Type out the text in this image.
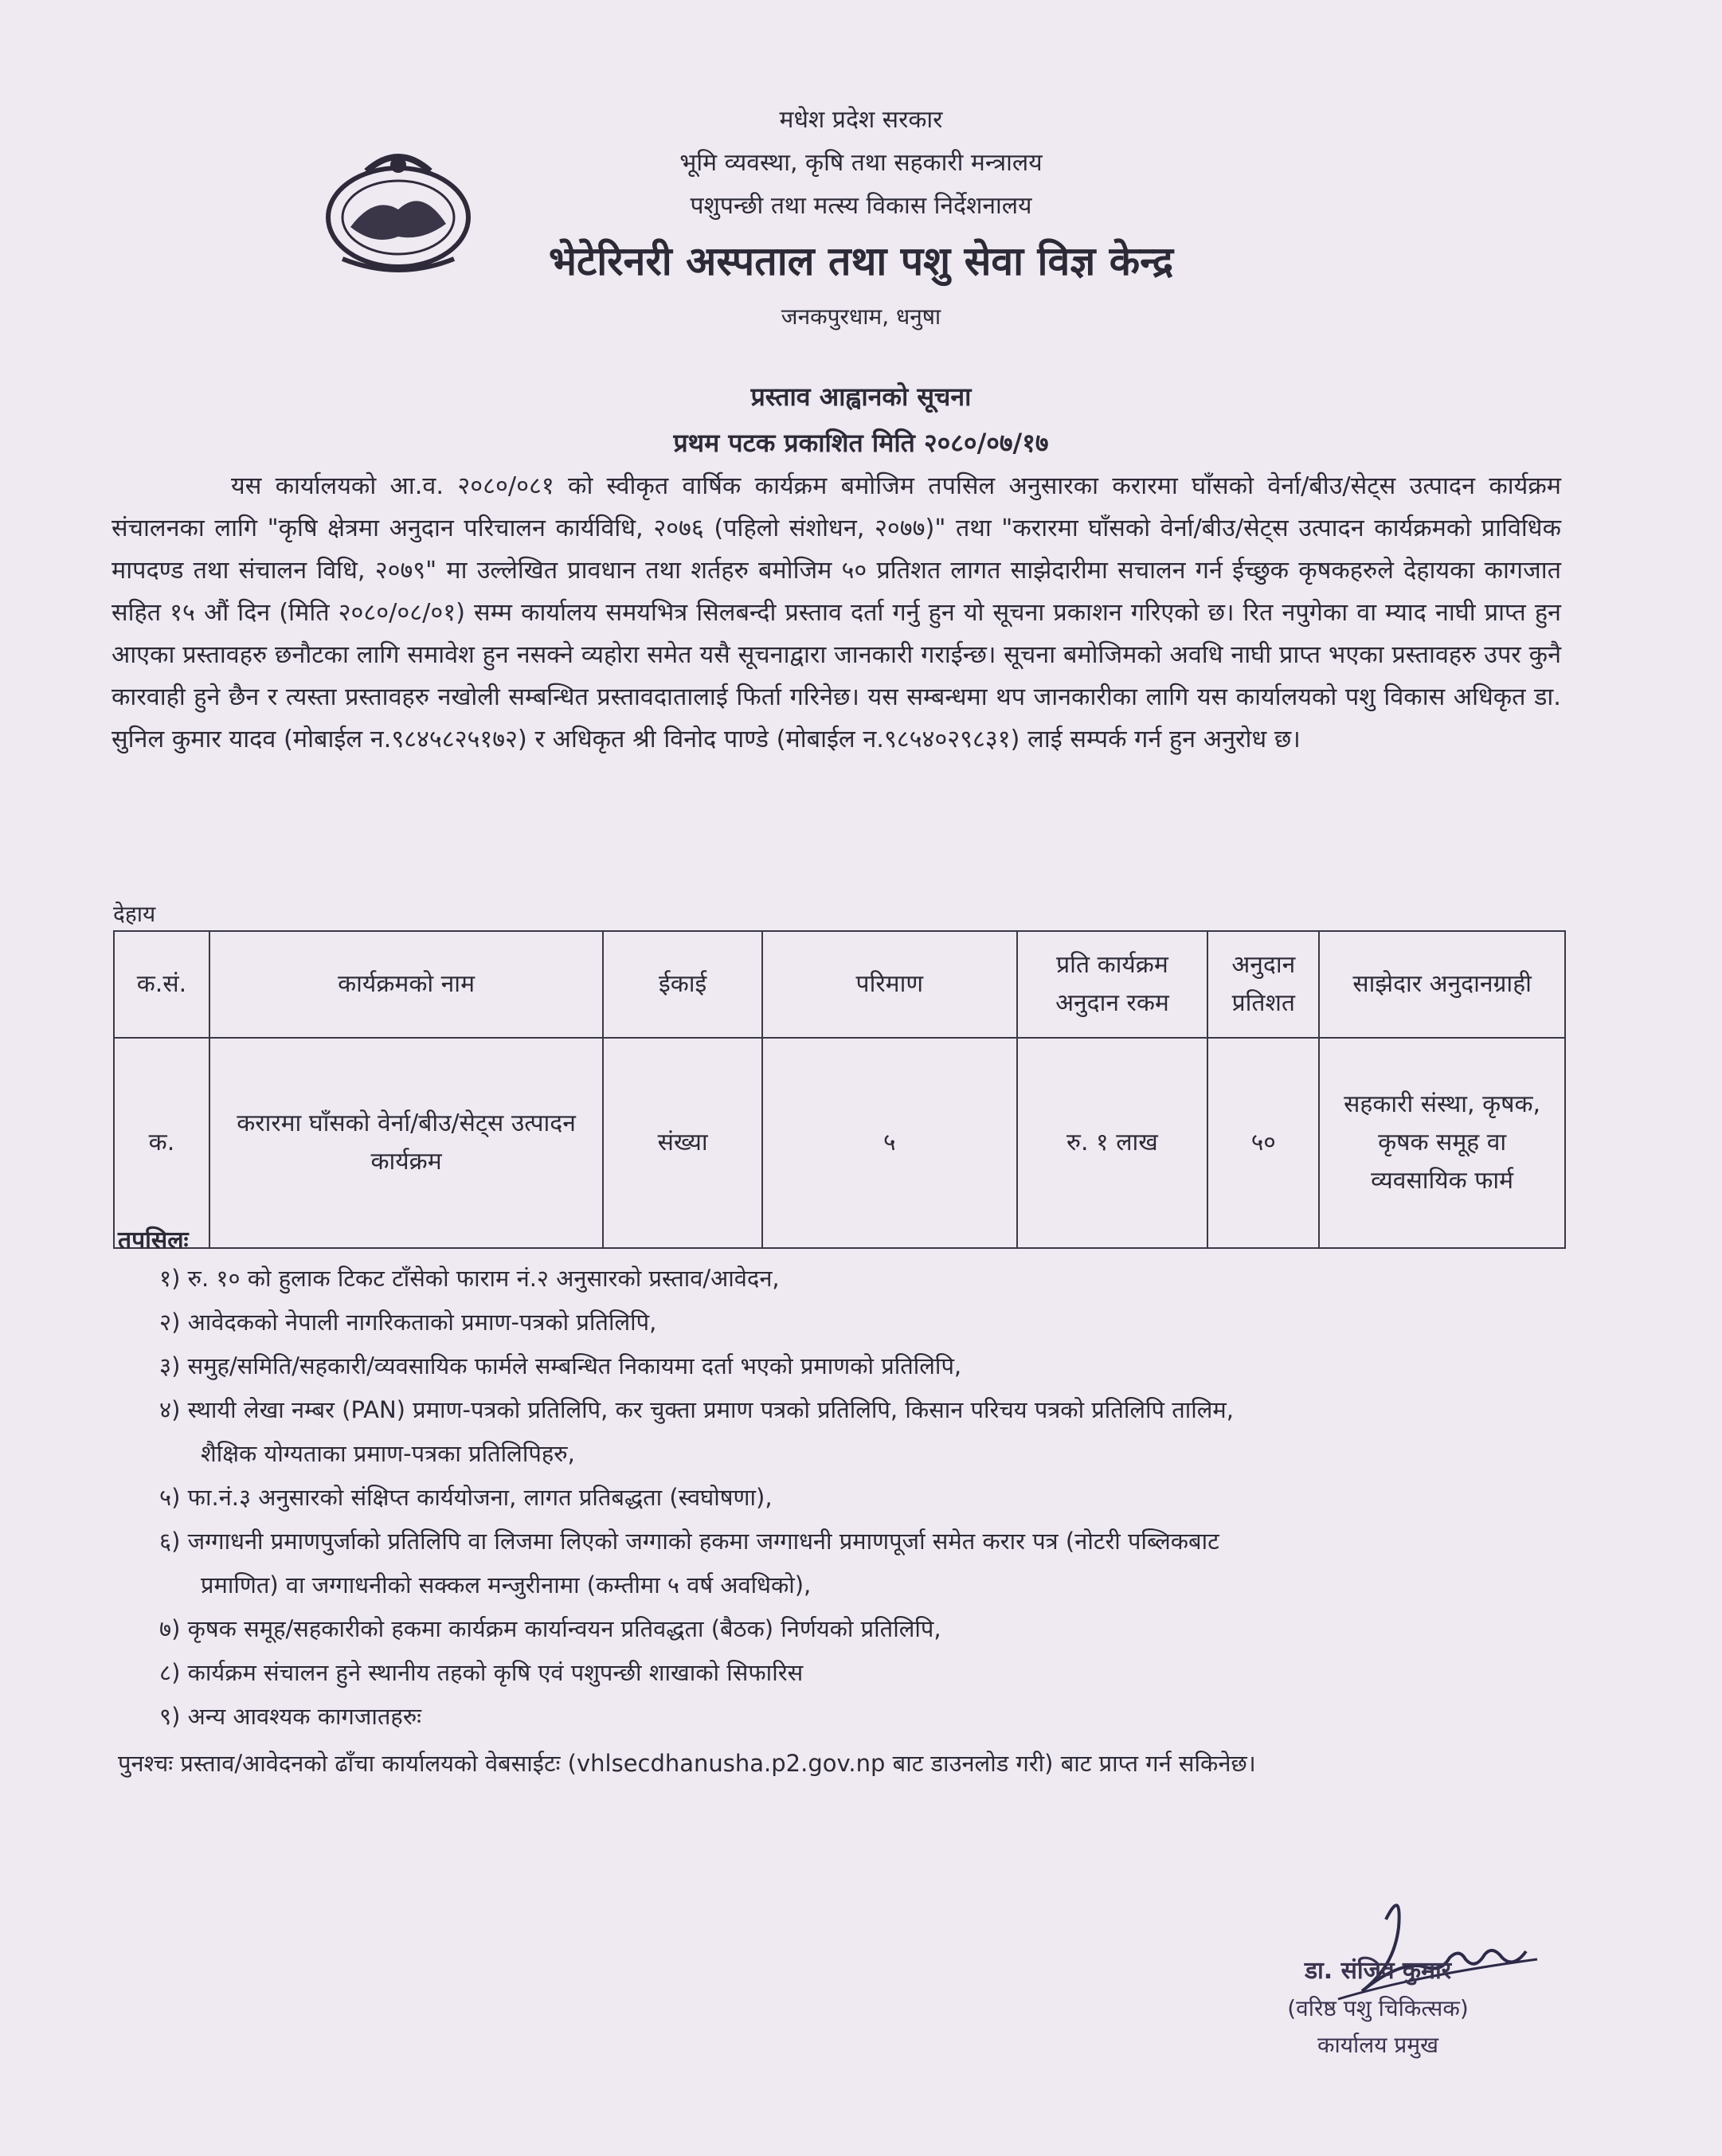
मधेश प्रदेश सरकार
भूमि व्यवस्था, कृषि तथा सहकारी मन्त्रालय
पशुपन्छी तथा मत्स्य विकास निर्देशनालय
भेटेरिनरी अस्पताल तथा पशु सेवा विज्ञ केन्द्र
जनकपुरधाम, धनुषा
प्रस्ताव आह्वानको सूचना
प्रथम पटक प्रकाशित मिति २०८०/०७/१७

यस कार्यालयको आ.व. २०८०/०८१ को स्वीकृत वार्षिक कार्यक्रम बमोजिम तपसिल अनुसारका करारमा घाँसको वेर्ना/बीउ/सेट्स उत्पादन कार्यक्रम संचालनका लागि "कृषि क्षेत्रमा अनुदान परिचालन कार्यविधि, २०७६ (पहिलो संशोधन, २०७७)" तथा "करारमा घाँसको वेर्ना/बीउ/सेट्स उत्पादन कार्यक्रमको प्राविधिक मापदण्ड तथा संचालन विधि, २०७९" मा उल्लेखित प्रावधान तथा शर्तहरु बमोजिम ५० प्रतिशत लागत साझेदारीमा सचालन गर्न ईच्छुक कृषकहरुले देहायका कागजात सहित १५ औं दिन (मिति २०८०/०८/०१) सम्म कार्यालय समयभित्र सिलबन्दी प्रस्ताव दर्ता गर्नु हुन यो सूचना प्रकाशन गरिएको छ। रित नपुगेका वा म्याद नाघी प्राप्त हुन आएका प्रस्तावहरु छनौटका लागि समावेश हुन नसक्ने व्यहोरा समेत यसै सूचनाद्वारा जानकारी गराईन्छ। सूचना बमोजिमको अवधि नाघी प्राप्त भएका प्रस्तावहरु उपर कुनै कारवाही हुने छैन र त्यस्ता प्रस्तावहरु नखोली सम्बन्धित प्रस्तावदातालाई फिर्ता गरिनेछ। यस सम्बन्धमा थप जानकारीका लागि यस कार्यालयको पशु विकास अधिकृत डा. सुनिल कुमार यादव (मोबाईल न.९८४५८२५१७२) र अधिकृत श्री विनोद पाण्डे (मोबाईल न.९८५४०२९८३१) लाई सम्पर्क गर्न हुन अनुरोध छ।

देहाय
क.सं.	कार्यक्रमको नाम	ईकाई	परिमाण	प्रति कार्यक्रम अनुदान रकम	अनुदान प्रतिशत	साझेदार अनुदानग्राही
क.	करारमा घाँसको वेर्ना/बीउ/सेट्स उत्पादन कार्यक्रम	संख्या	५	रु. १ लाख	५०	सहकारी संस्था, कृषक, कृषक समूह वा व्यवसायिक फार्म
तपसिलः
१) रु. १० को हुलाक टिकट टाँसेको फाराम नं.२ अनुसारको प्रस्ताव/आवेदन,
२) आवेदकको नेपाली नागरिकताको प्रमाण-पत्रको प्रतिलिपि,
३) समुह/समिति/सहकारी/व्यवसायिक फार्मले सम्बन्धित निकायमा दर्ता भएको प्रमाणको प्रतिलिपि,
४) स्थायी लेखा नम्बर (PAN) प्रमाण-पत्रको प्रतिलिपि, कर चुक्ता प्रमाण पत्रको प्रतिलिपि, किसान परिचय पत्रको प्रतिलिपि तालिम,
शैक्षिक योग्यताका प्रमाण-पत्रका प्रतिलिपिहरु,
५) फा.नं.३ अनुसारको संक्षिप्त कार्ययोजना, लागत प्रतिबद्धता (स्वघोषणा),
६) जग्गाधनी प्रमाणपुर्जाको प्रतिलिपि वा लिजमा लिएको जग्गाको हकमा जग्गाधनी प्रमाणपूर्जा समेत करार पत्र (नोटरी पब्लिकबाट
प्रमाणित) वा जग्गाधनीको सक्कल मन्जुरीनामा (कम्तीमा ५ वर्ष अवधिको),
७) कृषक समूह/सहकारीको हकमा कार्यक्रम कार्यान्वयन प्रतिवद्धता (बैठक) निर्णयको प्रतिलिपि,
८) कार्यक्रम संचालन हुने स्थानीय तहको कृषि एवं पशुपन्छी शाखाको सिफारिस
९) अन्य आवश्यक कागजातहरुः
पुनश्चः प्रस्ताव/आवेदनको ढाँचा कार्यालयको वेबसाईटः (vhlsecdhanusha.p2.gov.np बाट डाउनलोड गरी) बाट प्राप्त गर्न सकिनेछ।
डा. संजिव कुमार
(वरिष्ठ पशु चिकित्सक)
कार्यालय प्रमुख
